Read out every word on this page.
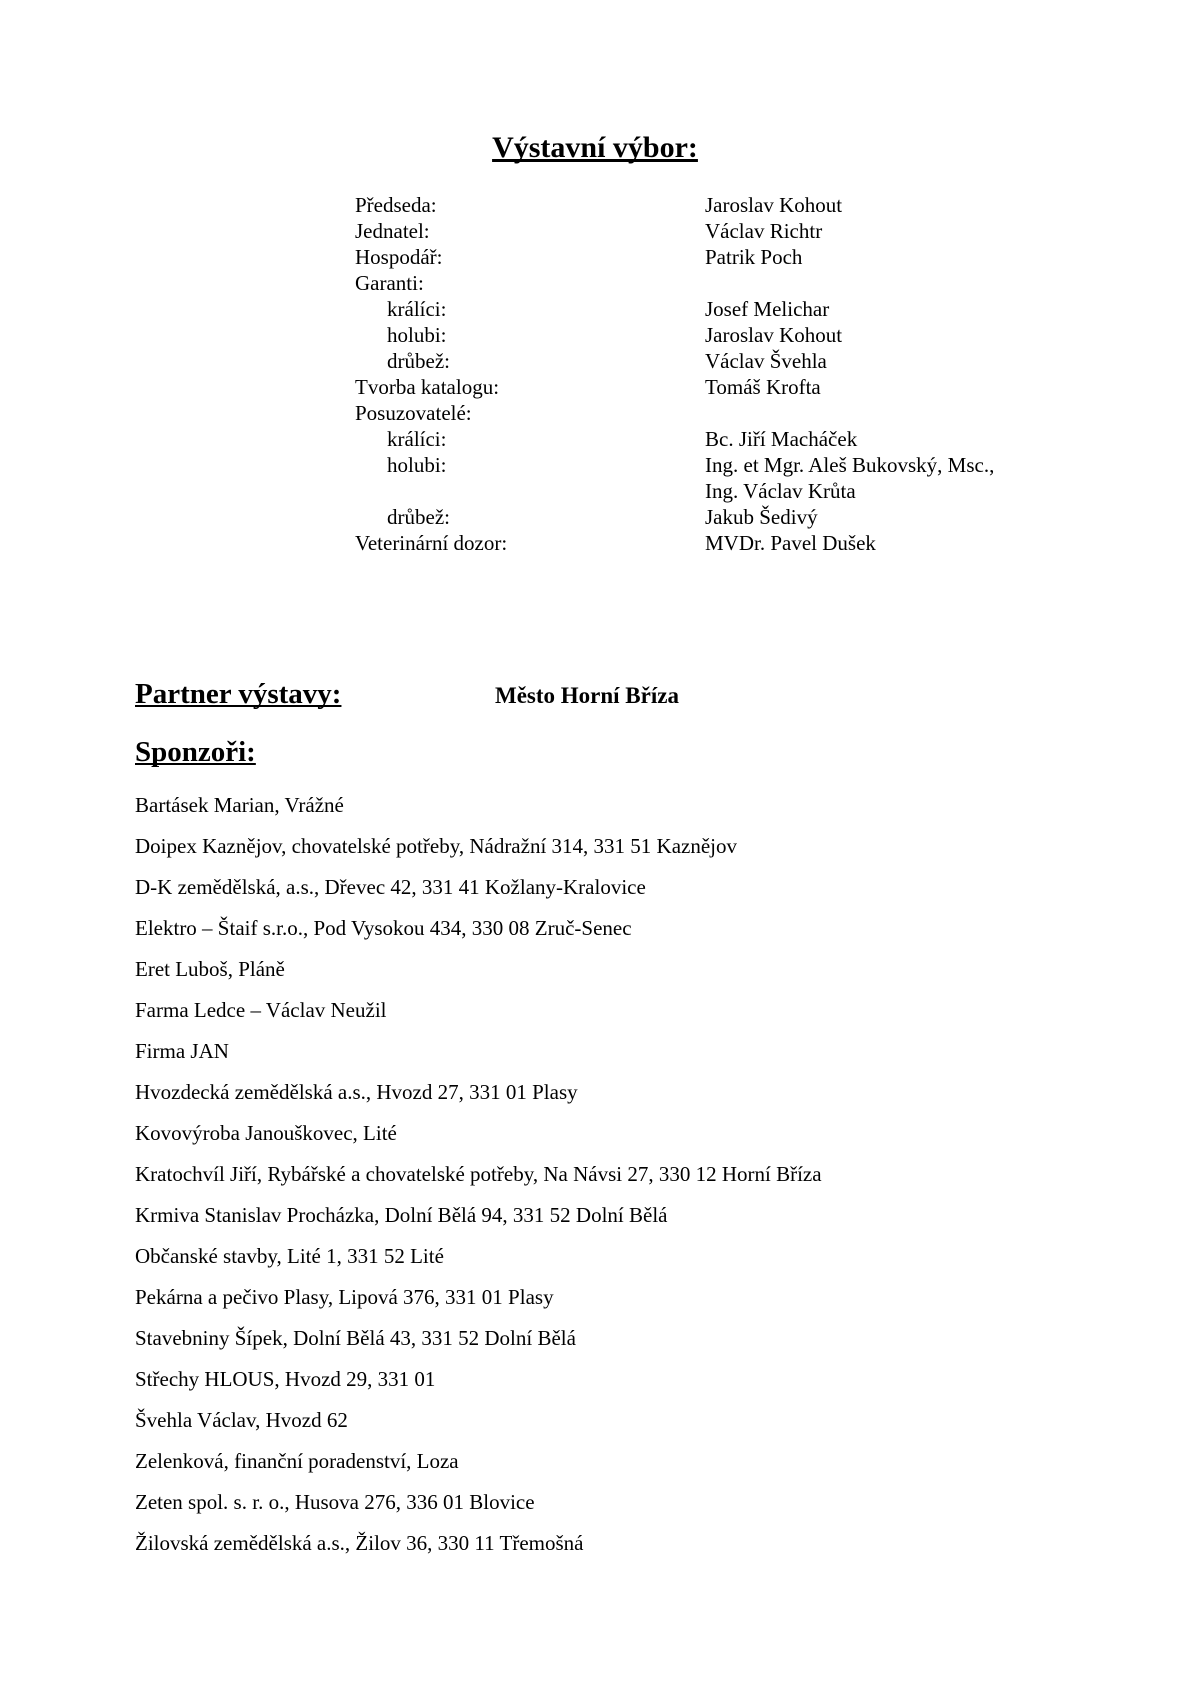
Výstavní výbor:
Předseda:	Jaroslav Kohout
Jednatel:	Václav Richtr
Hospodář:	Patrik Poch
Garanti:
králíci:	Josef Melichar
holubi:	Jaroslav Kohout
drůbež:	Václav Švehla
Tvorba katalogu:	Tomáš Krofta
Posuzovatelé:
králíci:	Bc. Jiří Macháček
holubi:	Ing. et Mgr. Aleš Bukovský, Msc.,
Ing. Václav Krůta
drůbež:	Jakub Šedivý
Veterinární dozor:	MVDr. Pavel Dušek
Partner výstavy:	Město Horní Bříza
Sponzoři:
Bartásek Marian, Vrážné
Doipex Kaznějov, chovatelské potřeby, Nádražní 314, 331 51 Kaznějov
D-K zemědělská, a.s., Dřevec 42, 331 41 Kožlany-Kralovice
Elektro – Štaif s.r.o., Pod Vysokou 434, 330 08 Zruč-Senec
Eret Luboš, Pláně
Farma Ledce – Václav Neužil
Firma JAN
Hvozdecká zemědělská a.s., Hvozd 27, 331 01 Plasy
Kovovýroba Janouškovec, Lité
Kratochvíl Jiří, Rybářské a chovatelské potřeby, Na Návsi 27, 330 12 Horní Bříza
Krmiva Stanislav Procházka, Dolní Bělá 94, 331 52 Dolní Bělá
Občanské stavby, Lité 1, 331 52 Lité
Pekárna a pečivo Plasy, Lipová 376, 331 01 Plasy
Stavebniny Šípek, Dolní Bělá 43, 331 52 Dolní Bělá
Střechy HLOUS, Hvozd 29, 331 01
Švehla Václav, Hvozd 62
Zelenková, finanční poradenství, Loza
Zeten spol. s. r. o., Husova 276, 336 01 Blovice
Žilovská zemědělská a.s., Žilov 36, 330 11 Třemošná
